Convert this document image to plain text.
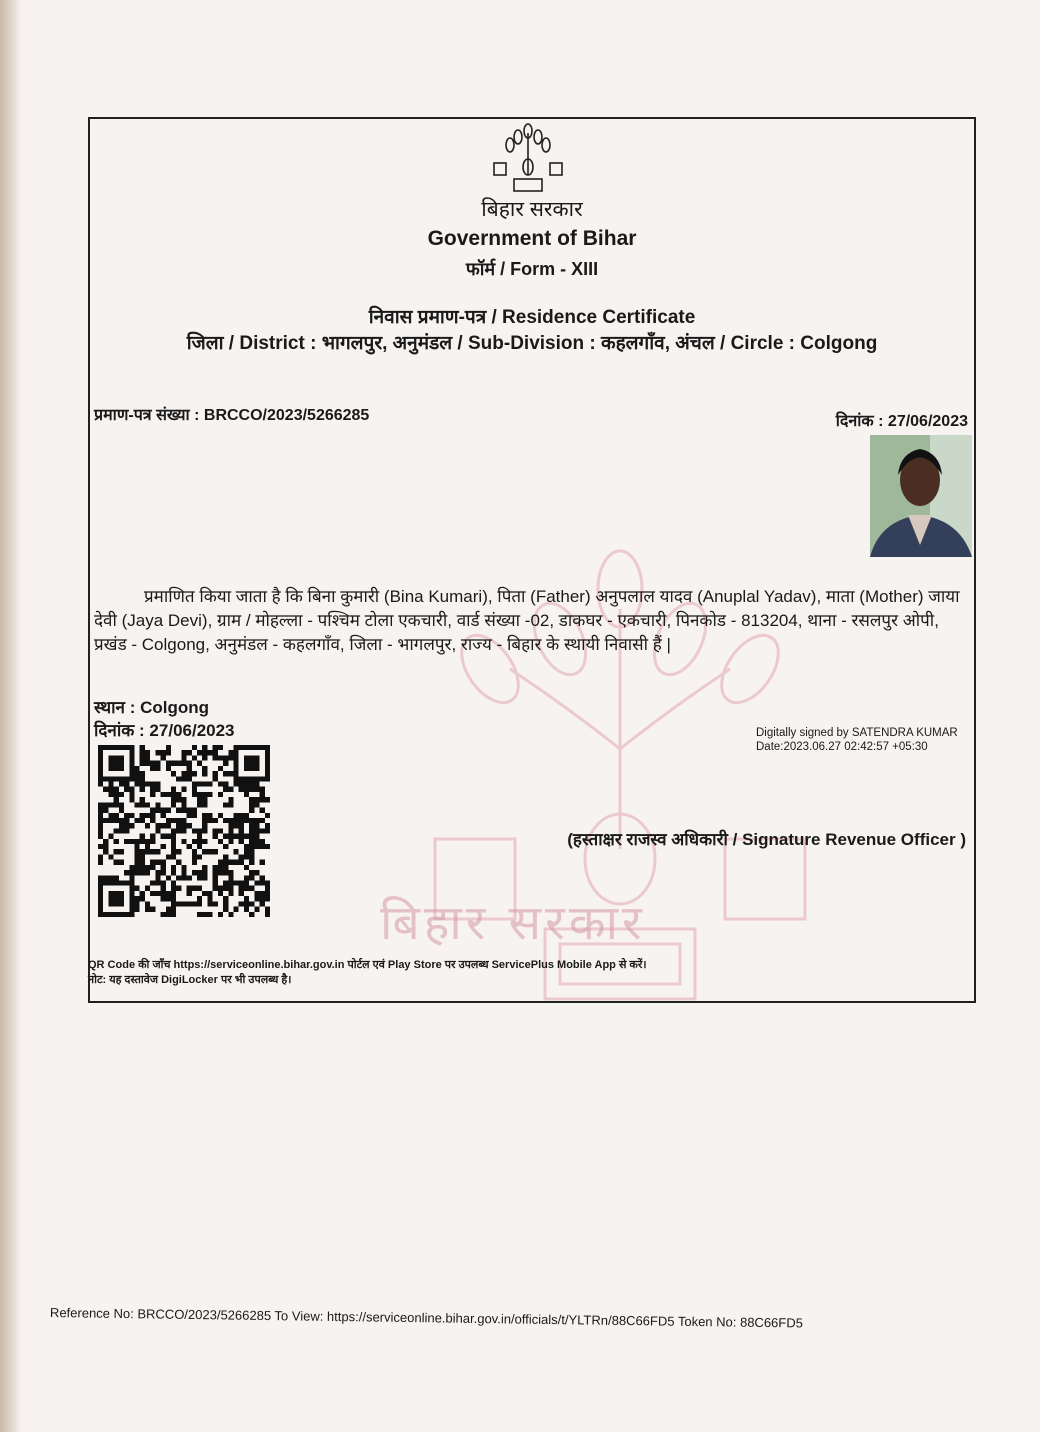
बिहार सरकार
बिहार सरकार
Government of Bihar
फॉर्म / Form - XIII
निवास प्रमाण-पत्र / Residence Certificate
जिला / District : भागलपुर, अनुमंडल / Sub-Division : कहलगाँव, अंचल / Circle : Colgong
प्रमाण-पत्र संख्या : BRCCO/2023/5266285	दिनांक : 27/06/2023
प्रमाणित किया जाता है कि बिना कुमारी (Bina Kumari), पिता (Father) अनुपलाल यादव (Anuplal Yadav), माता (Mother) जाया देवी (Jaya Devi), ग्राम / मोहल्ला - पश्चिम टोला एकचारी, वार्ड संख्या -02, डाकघर - एकचारी, पिनकोड - 813204, थाना - रसलपुर ओपी, प्रखंड - Colgong, अनुमंडल - कहलगाँव, जिला - भागलपुर, राज्य - बिहार के स्थायी निवासी हैं |
स्थान : Colgong
दिनांक : 27/06/2023	Digitally signed by SATENDRA KUMAR
Date:2023.06.27 02:42:57 +05:30
(हस्ताक्षर राजस्व अधिकारी / Signature Revenue Officer )
QR Code की जाँच https://serviceonline.bihar.gov.in पोर्टल एवं Play Store पर उपलब्ध ServicePlus Mobile App से करें।
नोट: यह दस्तावेज DigiLocker पर भी उपलब्ध है।
Reference No: BRCCO/2023/5266285 To View: https://serviceonline.bihar.gov.in/officials/t/YLTRn/88C66FD5 Token No: 88C66FD5
